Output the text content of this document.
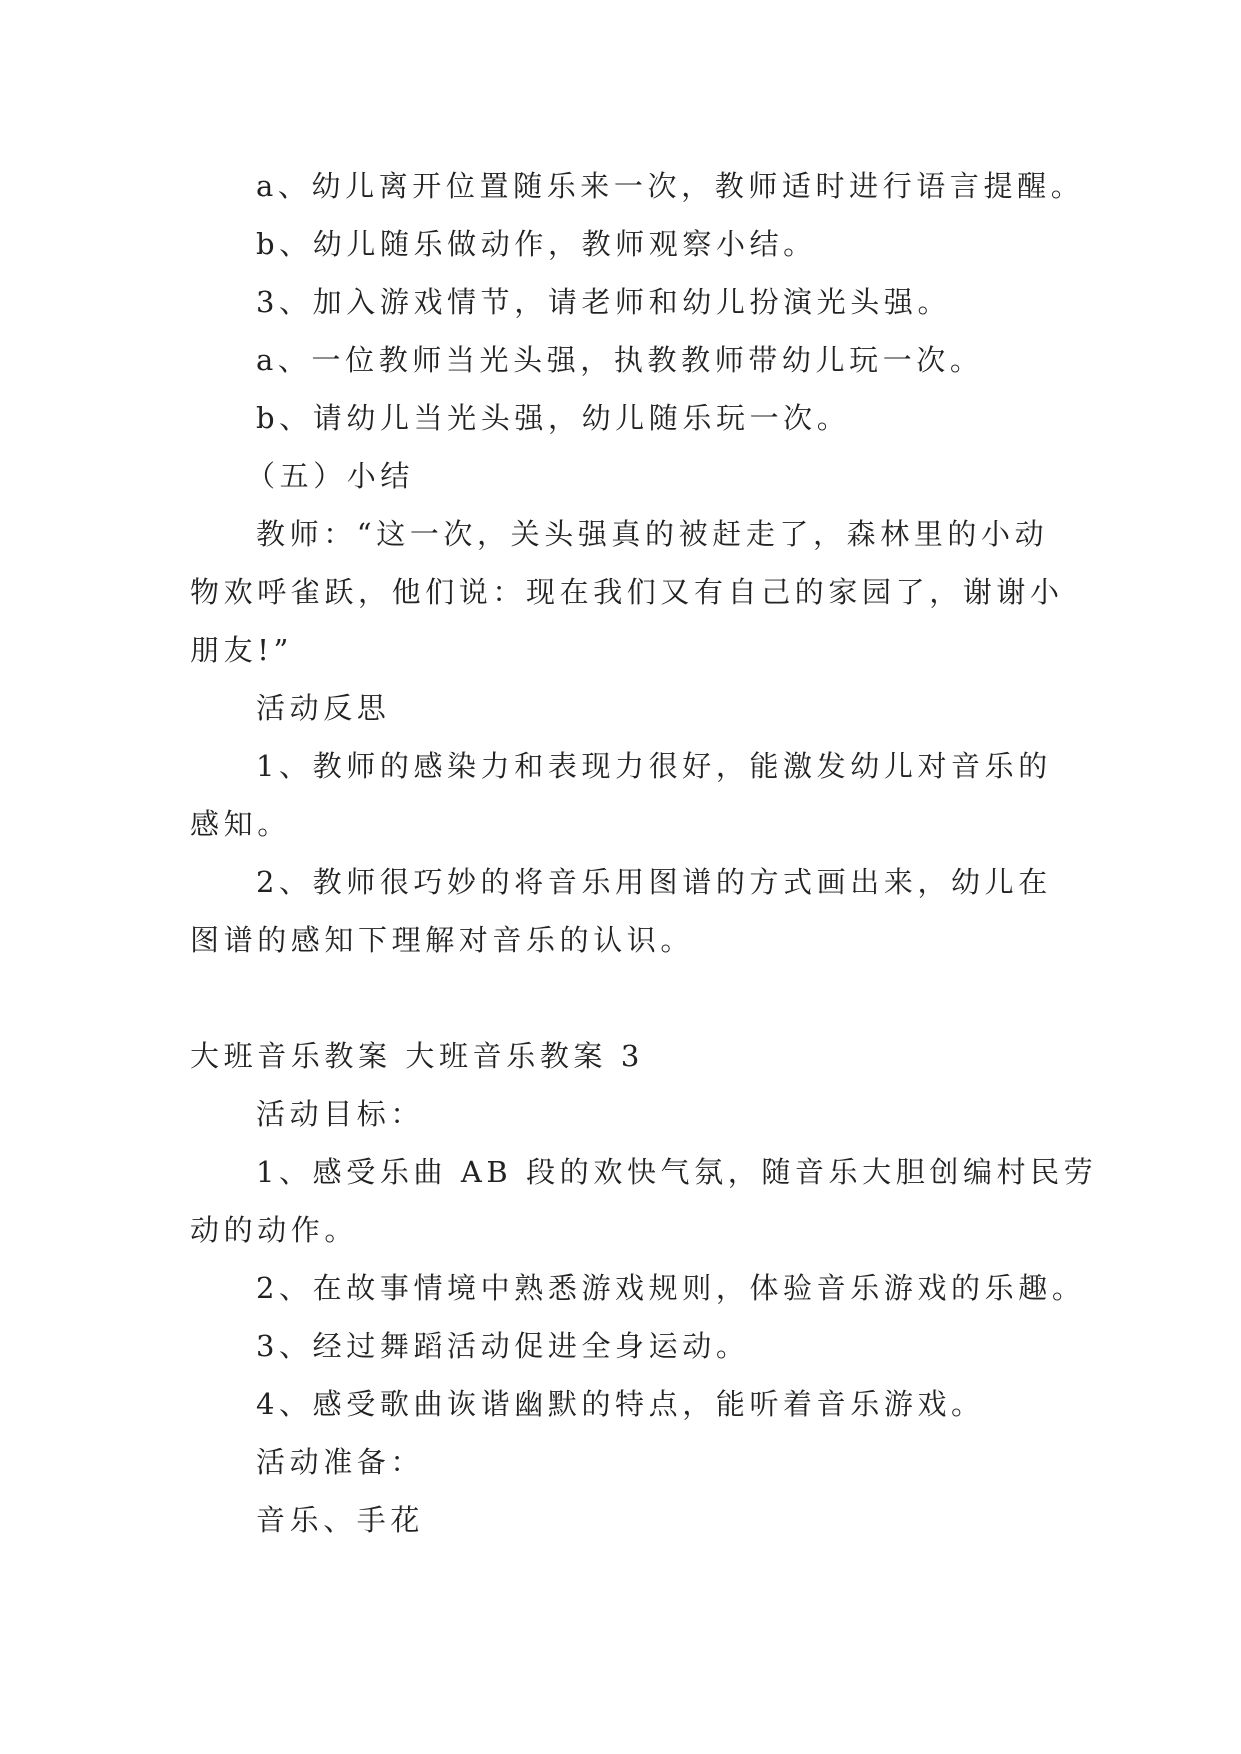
a、幼儿离开位置随乐来一次，教师适时进行语言提醒。
b、幼儿随乐做动作，教师观察小结。
3、加入游戏情节，请老师和幼儿扮演光头强。
a、一位教师当光头强，执教教师带幼儿玩一次。
b、请幼儿当光头强，幼儿随乐玩一次。
（五）小结
教师：“这一次，关头强真的被赶走了，森林里的小动
物欢呼雀跃，他们说：现在我们又有自己的家园了，谢谢小
朋友!”
活动反思
1、教师的感染力和表现力很好，能激发幼儿对音乐的
感知。
2、教师很巧妙的将音乐用图谱的方式画出来，幼儿在
图谱的感知下理解对音乐的认识。
大班音乐教案 大班音乐教案 3
活动目标：
1、感受乐曲 AB 段的欢快气氛，随音乐大胆创编村民劳
动的动作。
2、在故事情境中熟悉游戏规则，体验音乐游戏的乐趣。
3、经过舞蹈活动促进全身运动。
4、感受歌曲诙谐幽默的特点，能听着音乐游戏。
活动准备：
音乐、手花
